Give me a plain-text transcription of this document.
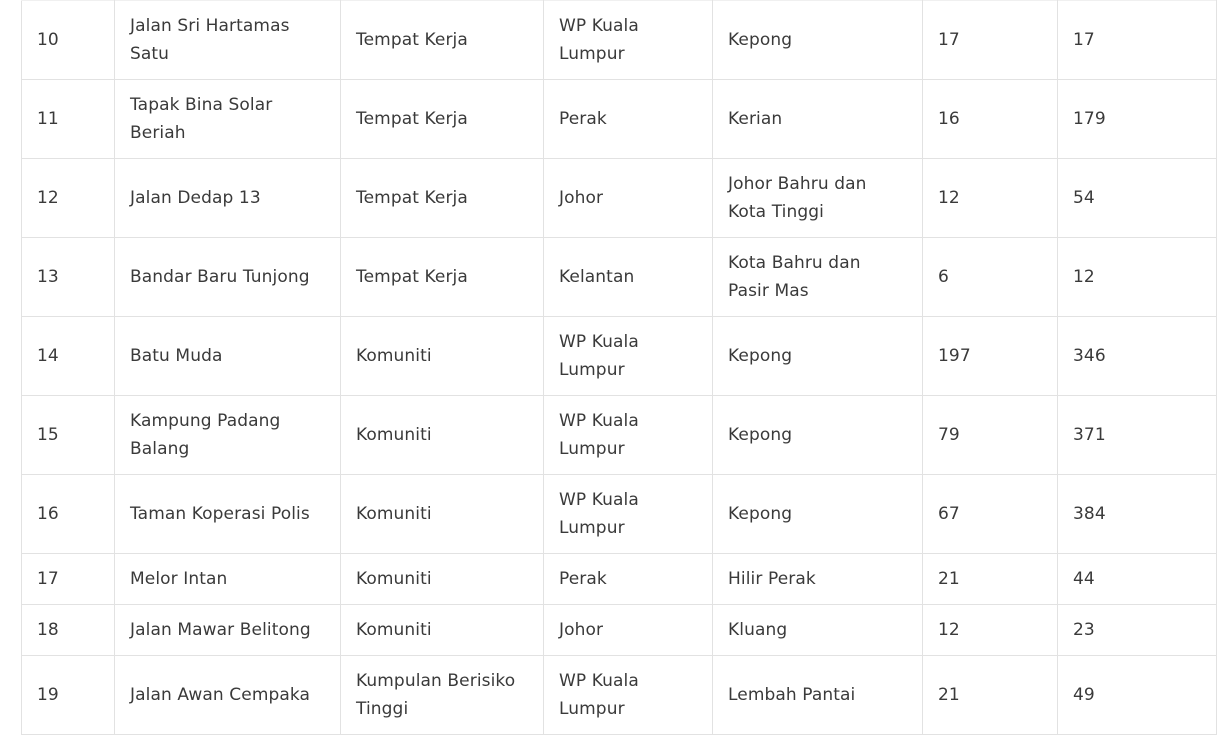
10	Jalan Sri Hartamas Satu	Tempat Kerja	WP Kuala Lumpur	Kepong	17	17
11	Tapak Bina Solar Beriah	Tempat Kerja	Perak	Kerian	16	179
12	Jalan Dedap 13	Tempat Kerja	Johor	Johor Bahru dan Kota Tinggi	12	54
13	Bandar Baru Tunjong	Tempat Kerja	Kelantan	Kota Bahru dan Pasir Mas	6	12
14	Batu Muda	Komuniti	WP Kuala Lumpur	Kepong	197	346
15	Kampung Padang Balang	Komuniti	WP Kuala Lumpur	Kepong	79	371
16	Taman Koperasi Polis	Komuniti	WP Kuala Lumpur	Kepong	67	384
17	Melor Intan	Komuniti	Perak	Hilir Perak	21	44
18	Jalan Mawar Belitong	Komuniti	Johor	Kluang	12	23
19	Jalan Awan Cempaka	Kumpulan Berisiko Tinggi	WP Kuala Lumpur	Lembah Pantai	21	49
